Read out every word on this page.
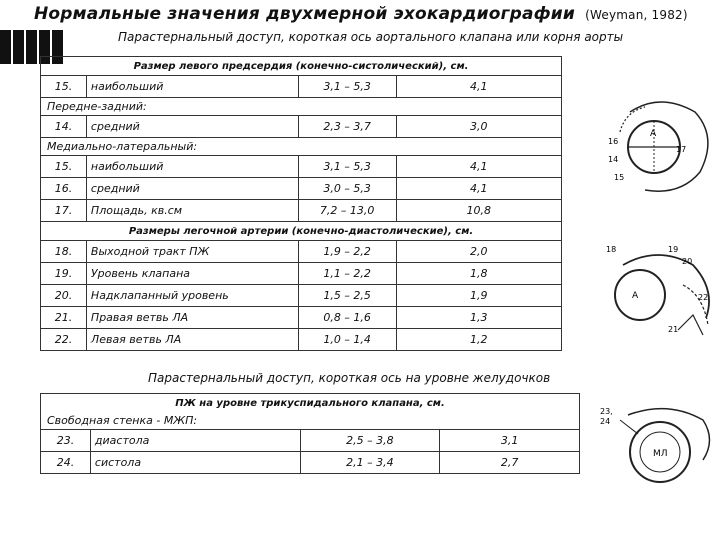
Нормальные значения двухмерной эхокардиографии (Weyman, 1982)
Парастернальный доступ, короткая ось аортального клапана или корня аорты
Размер левого предсердия (конечно-систолический), см.			
15.	наибольший	3,1 – 5,3	4,1
Передне-задний:			
14.	средний	2,3 – 3,7	3,0
Медиально-латеральный:			
15.	наибольший	3,1 – 5,3	4,1
16.	средний	3,0 – 5,3	4,1
17.	Площадь, кв.см	7,2 – 13,0	10,8
Размеры легочной артерии (конечно-диастолические), см.			
18.	Выходной тракт ПЖ	1,9 – 2,2	2,0
19.	Уровень клапана	1,1 – 2,2	1,8
20.	Надклапанный уровень	1,5 – 2,5	1,9
21.	Правая ветвь ЛА	0,8 – 1,6	1,3
22.	Левая ветвь ЛА	1,0 – 1,4	1,2
Парастернальный доступ, короткая ось на уровне желудочков
ПЖ на уровне трикуспидального клапана, см.			
Свободная стенка - МЖП:			
23.	диастола	2,5 – 3,8	3,1
24.	систола	2,1 – 3,4	2,7
A
16
17
14
15
A
18	19
20
21
22
МЛ
23,
24
